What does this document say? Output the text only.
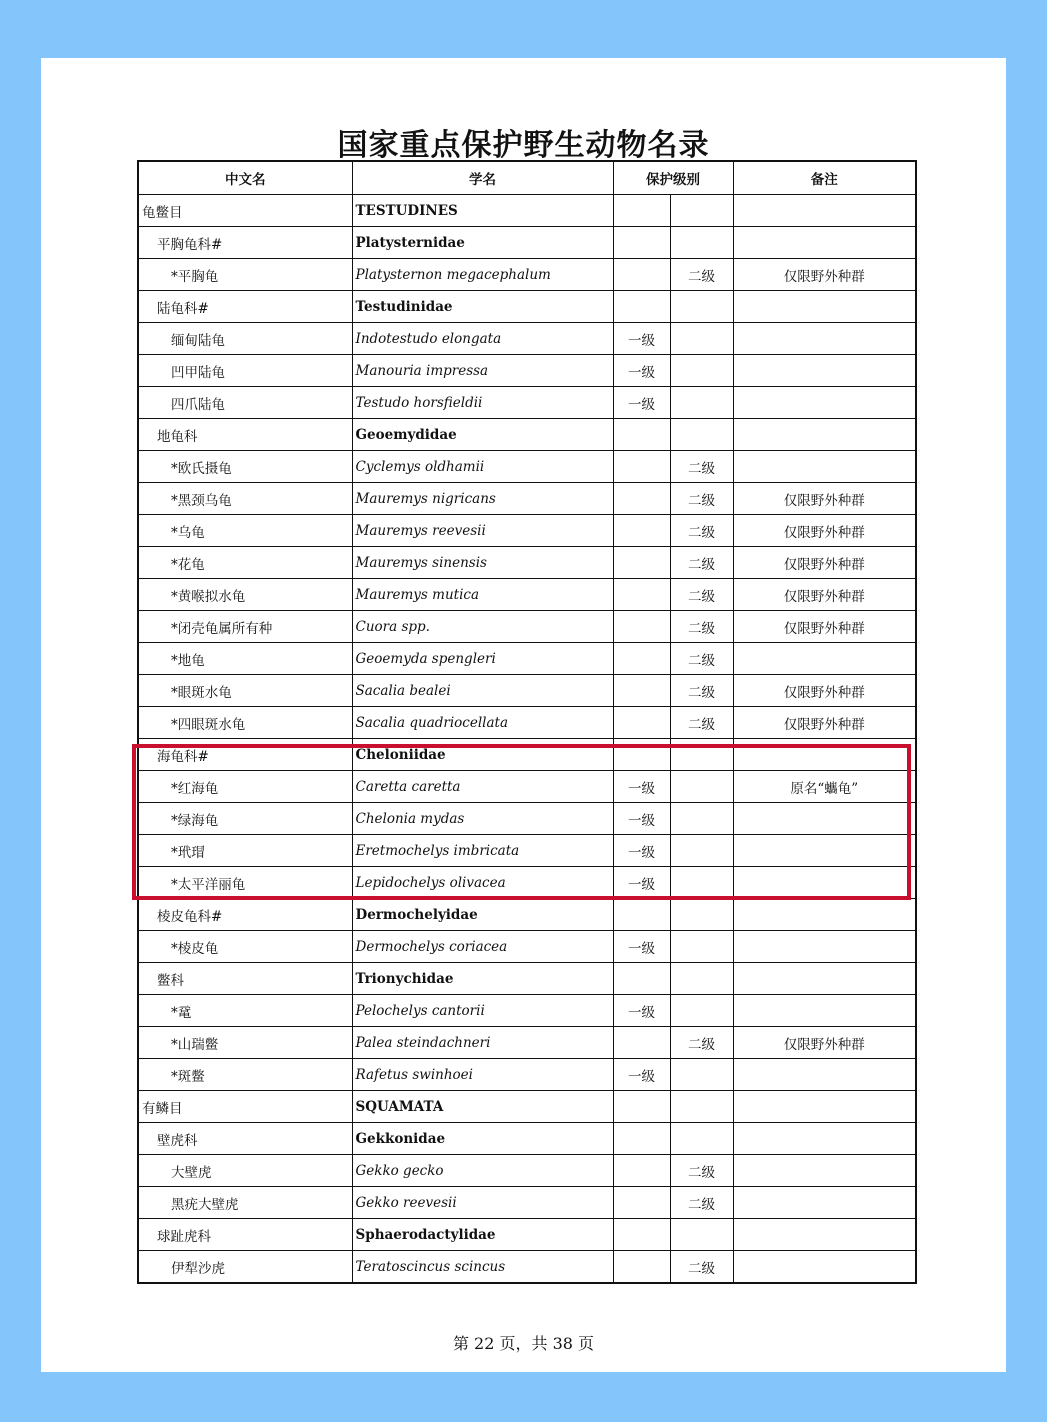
国家重点保护野生动物名录
中文名	学名	保护级别		备注
龟鳖目	TESTUDINES			
平胸龟科#	Platysternidae			
*平胸龟	Platysternon megacephalum		二级	仅限野外种群
陆龟科#	Testudinidae			
缅甸陆龟	Indotestudo elongata	一级		
凹甲陆龟	Manouria impressa	一级		
四爪陆龟	Testudo horsfieldii	一级		
地龟科	Geoemydidae			
*欧氏摄龟	Cyclemys oldhamii		二级	
*黑颈乌龟	Mauremys nigricans		二级	仅限野外种群
*乌龟	Mauremys reevesii		二级	仅限野外种群
*花龟	Mauremys sinensis		二级	仅限野外种群
*黄喉拟水龟	Mauremys mutica		二级	仅限野外种群
*闭壳龟属所有种	Cuora spp.		二级	仅限野外种群
*地龟	Geoemyda spengleri		二级	
*眼斑水龟	Sacalia bealei		二级	仅限野外种群
*四眼斑水龟	Sacalia quadriocellata		二级	仅限野外种群
海龟科#	Cheloniidae			
*红海龟	Caretta caretta	一级		原名“蠵龟”
*绿海龟	Chelonia mydas	一级		
*玳瑁	Eretmochelys imbricata	一级		
*太平洋丽龟	Lepidochelys olivacea	一级		
棱皮龟科#	Dermochelyidae			
*棱皮龟	Dermochelys coriacea	一级		
鳖科	Trionychidae			
*鼋	Pelochelys cantorii	一级		
*山瑞鳖	Palea steindachneri		二级	仅限野外种群
*斑鳖	Rafetus swinhoei	一级		
有鳞目	SQUAMATA			
壁虎科	Gekkonidae			
大壁虎	Gekko gecko		二级	
黑疣大壁虎	Gekko reevesii		二级	
球趾虎科	Sphaerodactylidae			
伊犁沙虎	Teratoscincus scincus		二级	
第 22 页，共 38 页
